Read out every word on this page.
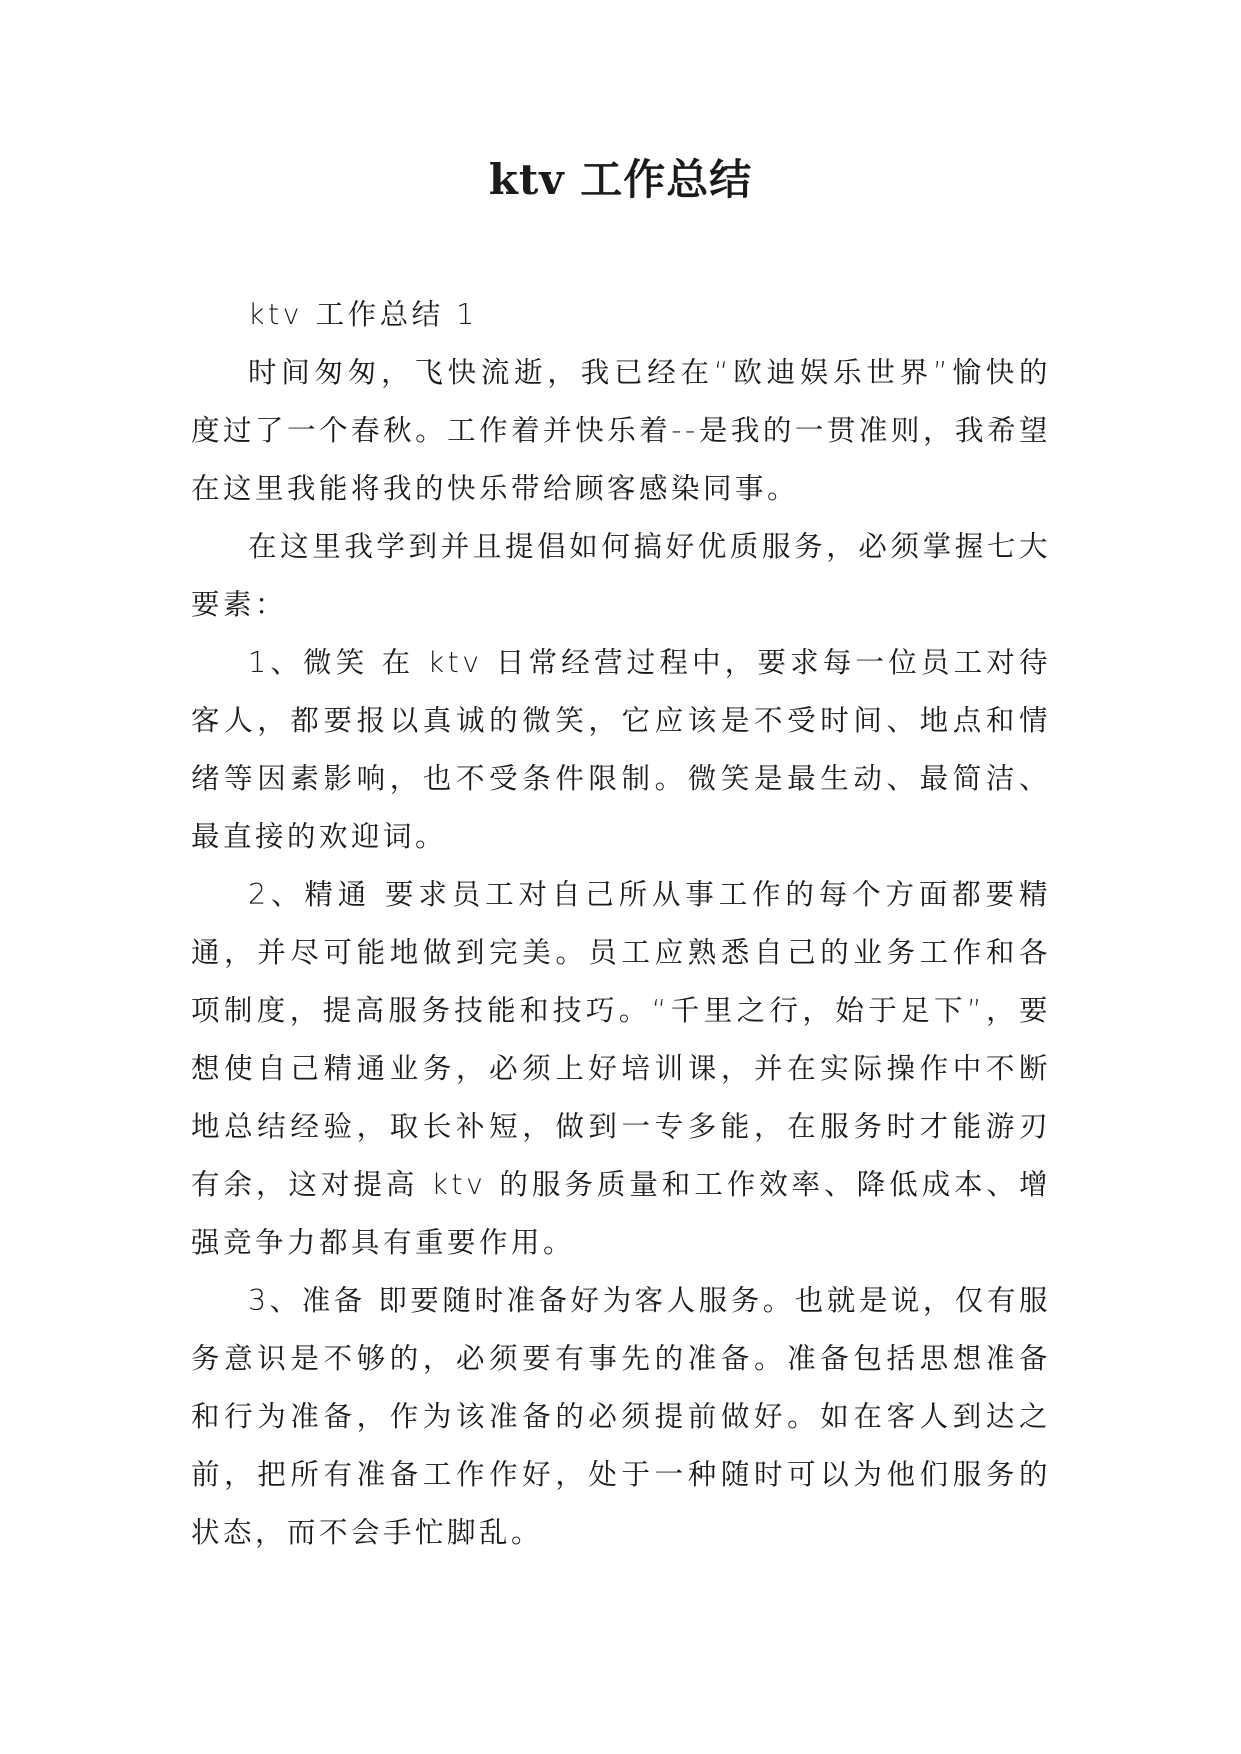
ktv 工作总结

ktv 工作总结 1

时间匆匆，飞快流逝，我已经在“欧迪娱乐世界”愉快的度过了一个春秋。工作着并快乐着--是我的一贯准则，我希望在这里我能将我的快乐带给顾客感染同事。

在这里我学到并且提倡如何搞好优质服务，必须掌握七大要素：

1、微笑 在 ktv 日常经营过程中，要求每一位员工对待客人，都要报以真诚的微笑，它应该是不受时间、地点和情绪等因素影响，也不受条件限制。微笑是最生动、最简洁、最直接的欢迎词。

2、精通 要求员工对自己所从事工作的每个方面都要精通，并尽可能地做到完美。员工应熟悉自己的业务工作和各项制度，提高服务技能和技巧。“千里之行，始于足下”，要想使自己精通业务，必须上好培训课，并在实际操作中不断地总结经验，取长补短，做到一专多能，在服务时才能游刃有余，这对提高 ktv 的服务质量和工作效率、降低成本、增强竞争力都具有重要作用。

3、准备 即要随时准备好为客人服务。也就是说，仅有服务意识是不够的，必须要有事先的准备。准备包括思想准备和行为准备，作为该准备的必须提前做好。如在客人到达之前，把所有准备工作作好，处于一种随时可以为他们服务的状态，而不会手忙脚乱。
